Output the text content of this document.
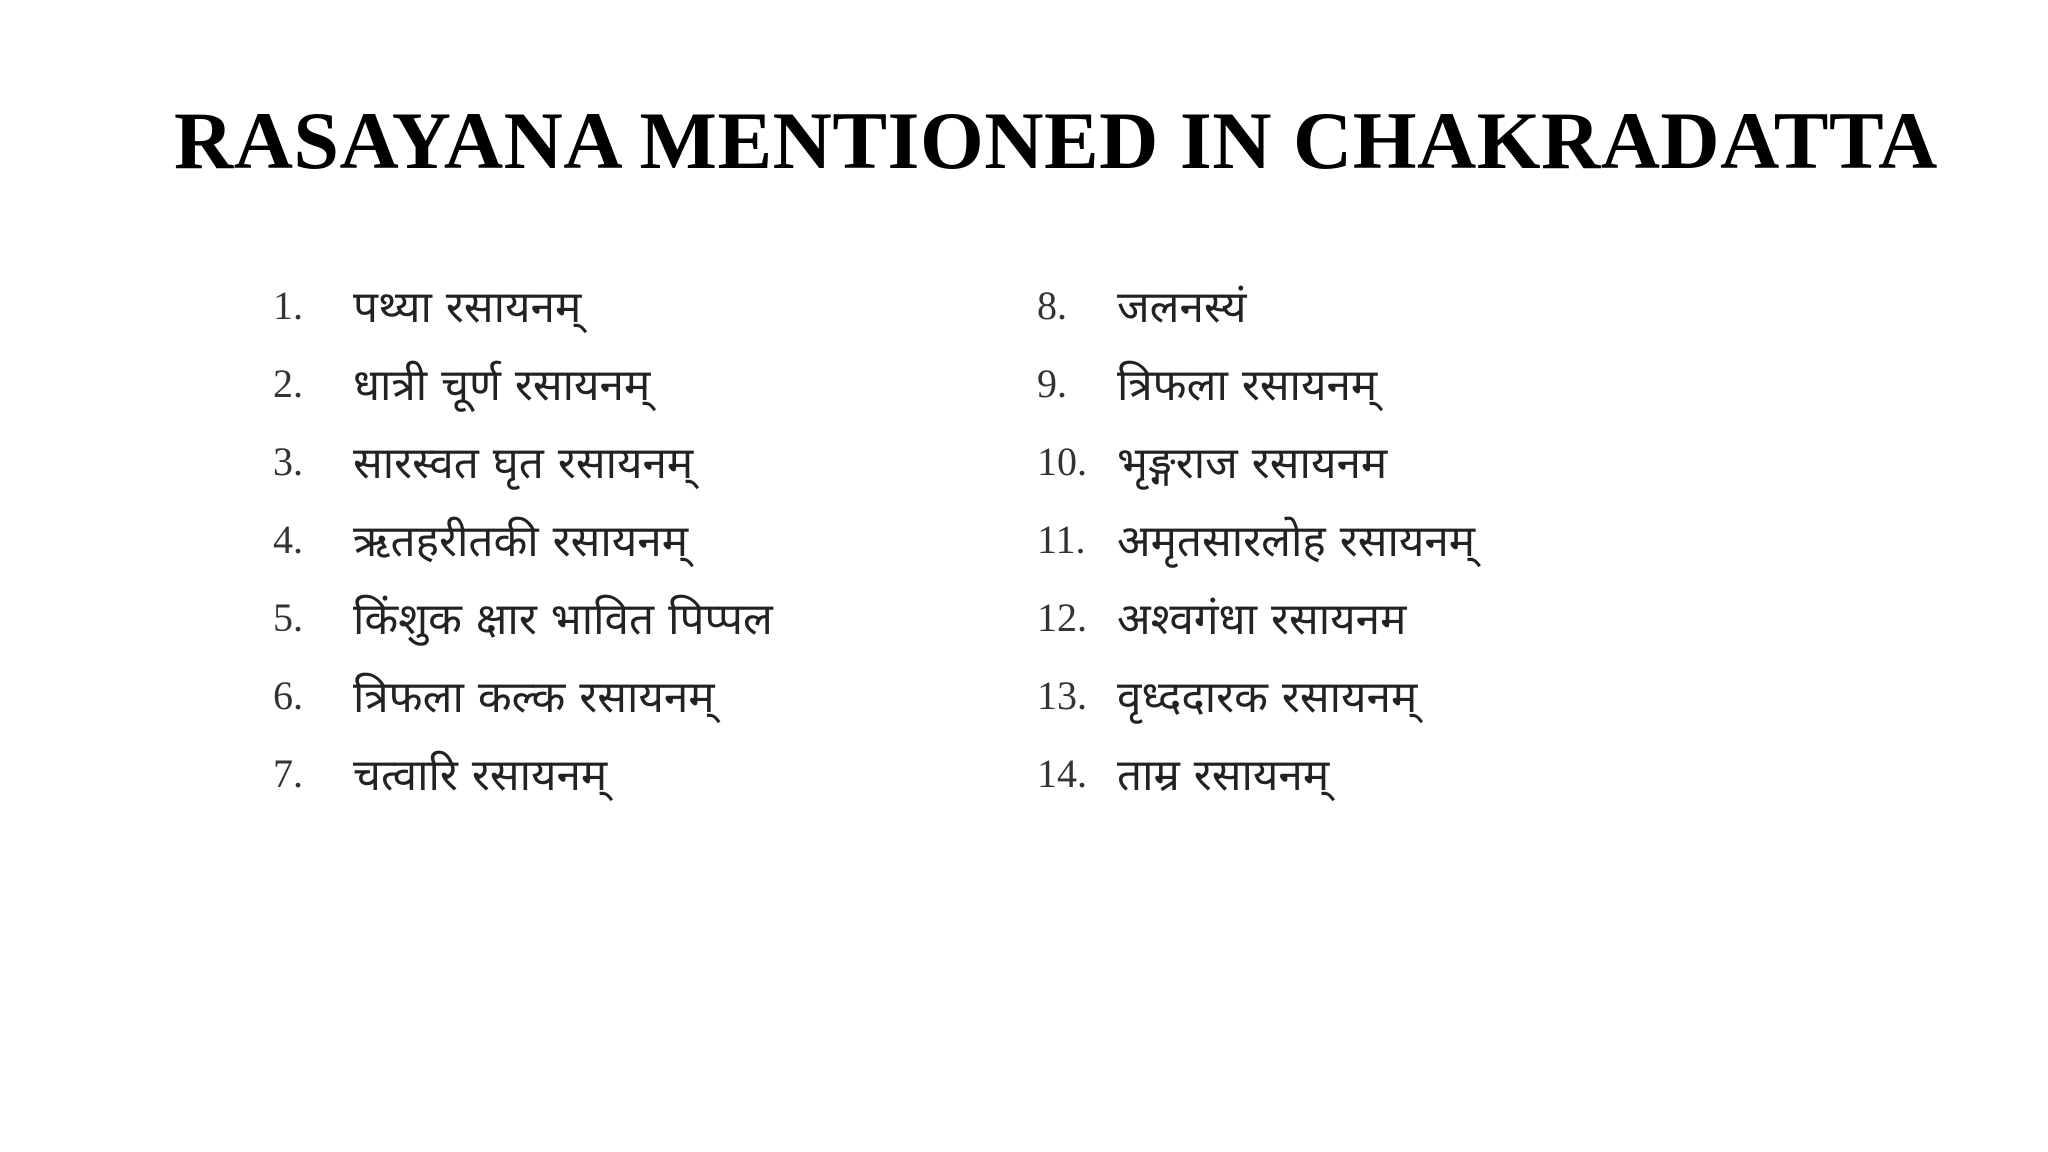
RASAYANA MENTIONED IN CHAKRADATTA
1.	पथ्या रसायनम्
2.	धात्री चूर्ण रसायनम्
3.	सारस्वत घृत रसायनम्
4.	ऋतहरीतकी रसायनम्
5.	किंशुक क्षार भावित पिप्पल
6.	त्रिफला कल्क रसायनम्
7.	चत्वारि रसायनम्
8.	जलनस्यं
9.	त्रिफला रसायनम्
10. भृङ्गराज रसायनम
11. अमृतसारलोह रसायनम्
12. अश्वगंधा रसायनम
13. वृध्ददारक रसायनम्
14. ताम्र रसायनम्
